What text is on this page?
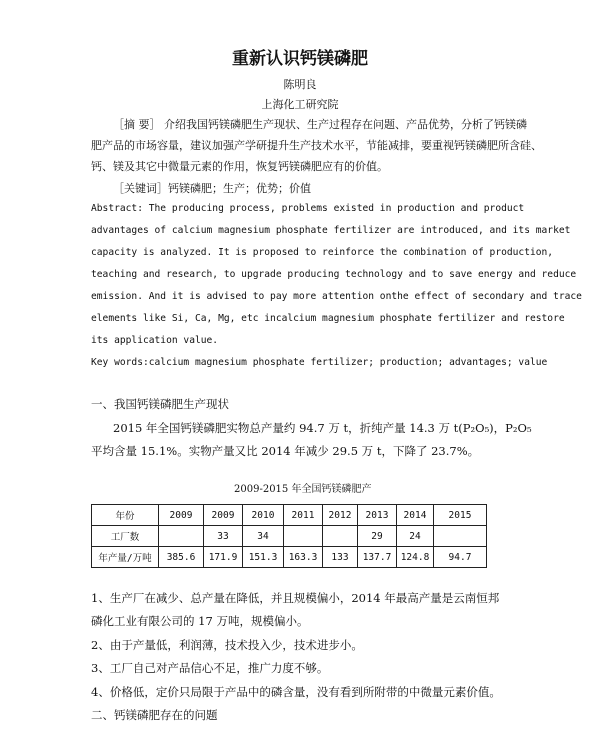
重新认识钙镁磷肥
陈明良
上海化工研究院
［摘 要］ 介绍我国钙镁磷肥生产现状、生产过程存在问题、产品优势，分析了钙镁磷
肥产品的市场容量，建议加强产学研提升生产技术水平，节能减排，要重视钙镁磷肥所含硅、
钙、镁及其它中微量元素的作用，恢复钙镁磷肥应有的价值。
［关键词］钙镁磷肥；生产；优势；价值
Abstract: The producing process, problems existed in production and product
advantages of calcium magnesium phosphate fertilizer are introduced, and its market
capacity is analyzed. It is proposed to reinforce the combination of production,
teaching and research, to upgrade producing technology and to save energy and reduce
emission. And it is advised to pay more attention onthe effect of secondary and trace
elements like Si, Ca, Mg, etc incalcium magnesium phosphate fertilizer and restore
its application value.
Key words:calcium magnesium phosphate fertilizer; production; advantages; value
一、我国钙镁磷肥生产现状
2015 年全国钙镁磷肥实物总产量约 94.7 万 t，折纯产量 14.3 万 t(P₂O₅)，P₂O₅
平均含量 15.1%。实物产量又比 2014 年减少 29.5 万 t，下降了 23.7%。
2009-2015 年全国钙镁磷肥产
年份	2009	2009	2010	2011	2012	2013	2014	2015
工厂数		33	34			29	24	
年产量/万吨	385.6	171.9	151.3	163.3	133	137.7	124.8	94.7
1、生产厂在减少、总产量在降低，并且规模偏小，2014 年最高产量是云南恒邦
磷化工业有限公司的 17 万吨，规模偏小。
2、由于产量低，利润薄，技术投入少，技术进步小。
3、工厂自己对产品信心不足，推广力度不够。
4、价格低，定价只局限于产品中的磷含量，没有看到所附带的中微量元素价值。
二、钙镁磷肥存在的问题
